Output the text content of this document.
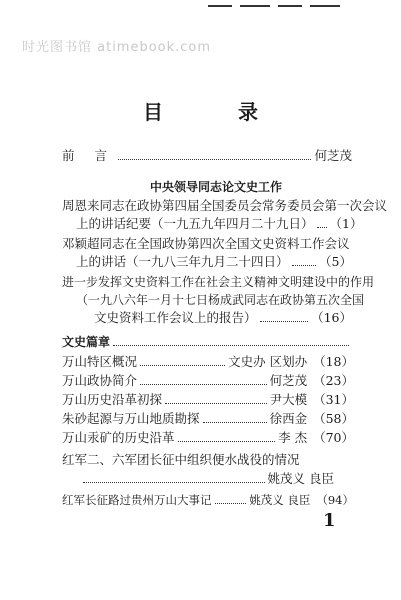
时光图书馆 atimebook.com
目 录
前 言	何芝茂
中央领导同志论文史工作
周恩来同志在政协第四届全国委员会常务委员会第一次会议
上的讲话纪要（一九五九年四月二十九日） （1）
邓颖超同志在全国政协第四次全国文史资料工作会议
上的讲话（一九八三年九月二十四日） （5）
进一步发挥文史资料工作在社会主义精神文明建设中的作用
（一九八六年一月十七日杨成武同志在政协第五次全国
文史资料工作会议上的报告）	（16）
文史篇章
万山特区概况	文史办 区划办 （18）
万山政协简介	何芝茂 （23）
万山历史沿革初探	尹大模 （31）
朱砂起源与万山地质勘探	徐西金 （58）
万山汞矿的历史沿革	李 杰 （70）
红军二、六军团长征中组织便水战役的情况
姚茂义 良臣
红军长征路过贵州万山大事记	姚茂义 良臣 （94）
1
